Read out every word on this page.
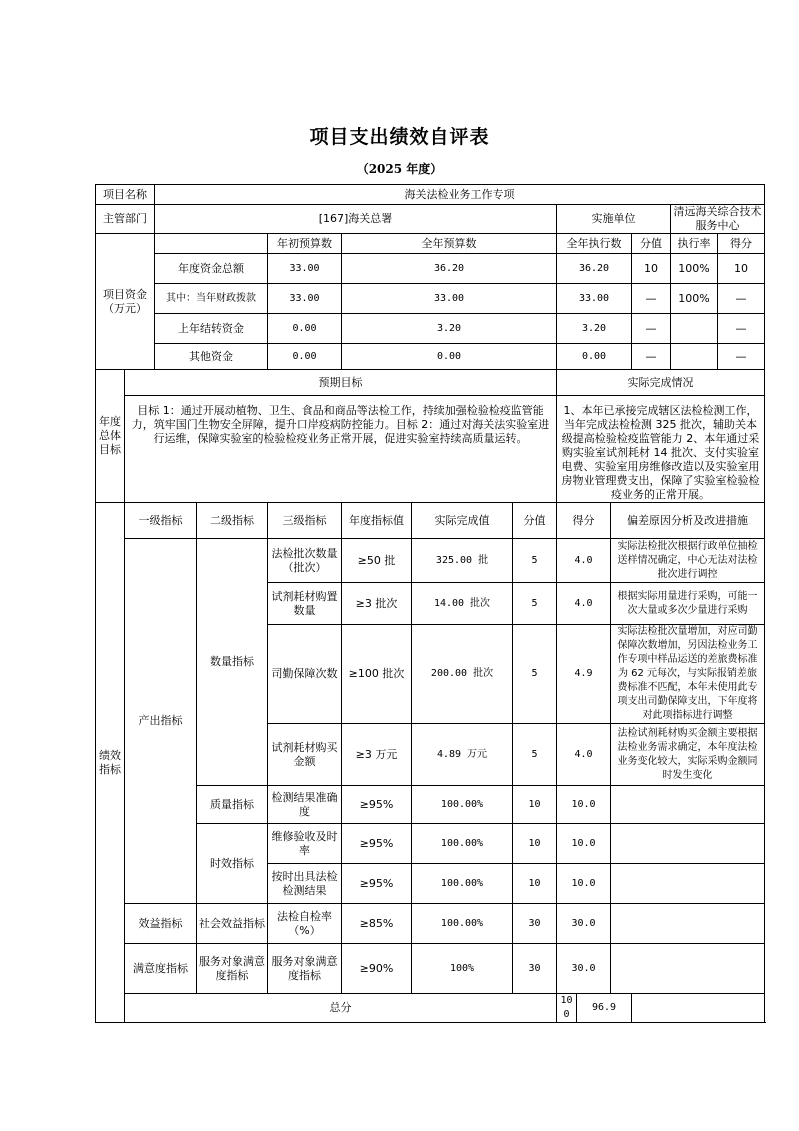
项目支出绩效自评表
（2025 年度）
项目名称		海关法检业务工作专项											
主管部门		[167]海关总署						实施单位				清远海关综合技术服务中心	
项目资金（万元）				年初预算数	全年预算数			全年执行数			分值	执行率	得分
		年度资金总额		33.00	36.20			36.20			10	100%	10
		其中：当年财政拨款		33.00	33.00			33.00			—	100%	—
		上年结转资金		0.00	3.20			3.20			—		—
		其他资金		0.00	0.00			0.00			—		—
年度总体目标	预期目标							实际完成情况					
	目标 1：通过开展动植物、卫生、食品和商品等法检工作，持续加强检验检疫监管能力，筑牢国门生物安全屏障，提升口岸疫病防控能力。目标 2：通过对海关法实验室进行运维，保障实验室的检验检疫业务正常开展，促进实验室持续高质量运转。							1、本年已承接完成辖区法检检测工作，当年完成法检检测 325 批次，辅助关本级提高检验检疫监管能力 2、本年通过采购实验室试剂耗材 14 批次、支付实验室电费、实验室用房维修改造以及实验室用房物业管理费支出，保障了实验室检验检疫业务的正常开展。					
绩效指标	一级指标		二级指标	三级指标	年度指标值	实际完成值	分值	得分		偏差原因分析及改进措施			
	产出指标		数量指标	法检批次数量（批次）	≥50 批	325.00 批	5	4.0		实际法检批次根据行政单位抽检送样情况确定，中心无法对法检批次进行调控			
				试剂耗材购置数量	≥3 批次	14.00 批次	5	4.0		根据实际用量进行采购，可能一次大量或多次少量进行采购			
				司勤保障次数	≥100 批次	200.00 批次	5	4.9		实际法检批次量增加，对应司勤保障次数增加，另因法检业务工作专项中样品运送的差旅费标准为 62 元每次，与实际报销差旅费标准不匹配，本年未使用此专项支出司勤保障支出，下年度将对此项指标进行调整			
				试剂耗材购买金额	≥3 万元	4.89 万元	5	4.0		法检试剂耗材购买金额主要根据法检业务需求确定，本年度法检业务变化较大，实际采购金额同时发生变化			
			质量指标	检测结果准确度	≥95%	100.00%	10	10.0					
			时效指标	维修验收及时率	≥95%	100.00%	10	10.0					
				按时出具法检检测结果	≥95%	100.00%	10	10.0					
	效益指标		社会效益指标	法检自检率（%）	≥85%	100.00%	30	30.0					
	满意度指标		服务对象满意度指标	服务对象满意度指标	≥90%	100%	30	30.0					
	总分							100	96.9				
